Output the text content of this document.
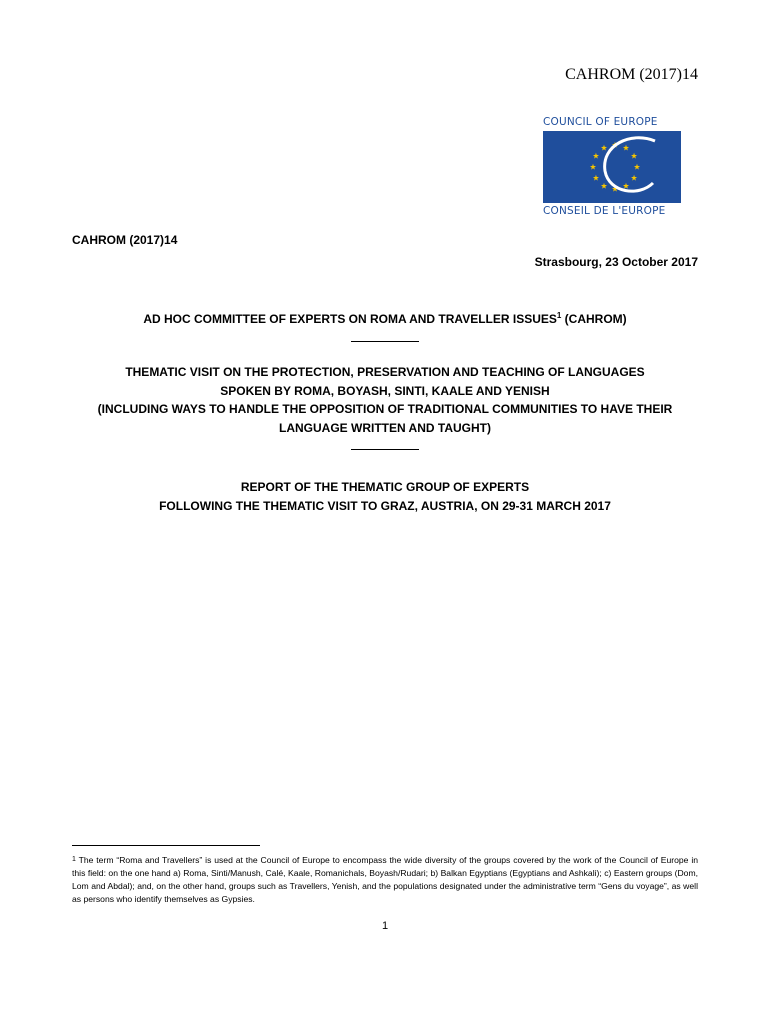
CAHROM (2017)14
COUNCIL OF EUROPE
CONSEIL DE L'EUROPE
CAHROM (2017)14
Strasbourg, 23 October 2017
AD HOC COMMITTEE OF EXPERTS ON ROMA AND TRAVELLER ISSUES$^1$ (CAHROM)
THEMATIC VISIT ON THE PROTECTION, PRESERVATION AND TEACHING OF LANGUAGES
SPOKEN BY ROMA, BOYASH, SINTI, KAALE AND YENISH
(INCLUDING WAYS TO HANDLE THE OPPOSITION OF TRADITIONAL COMMUNITIES TO HAVE THEIR
LANGUAGE WRITTEN AND TAUGHT)
REPORT OF THE THEMATIC GROUP OF EXPERTS
FOLLOWING THE THEMATIC VISIT TO GRAZ, AUSTRIA, ON 29-31 MARCH 2017
$^1$ The term “Roma and Travellers” is used at the Council of Europe to encompass the wide diversity of the groups covered by the work of the Council of Europe in this field: on the one hand a) Roma, Sinti/Manush, Calé, Kaale, Romanichals, Boyash/Rudari; b) Balkan Egyptians (Egyptians and Ashkali); c) Eastern groups (Dom, Lom and Abdal); and, on the other hand, groups such as Travellers, Yenish, and the populations designated under the administrative term “Gens du voyage”, as well as persons who identify themselves as Gypsies.
1
